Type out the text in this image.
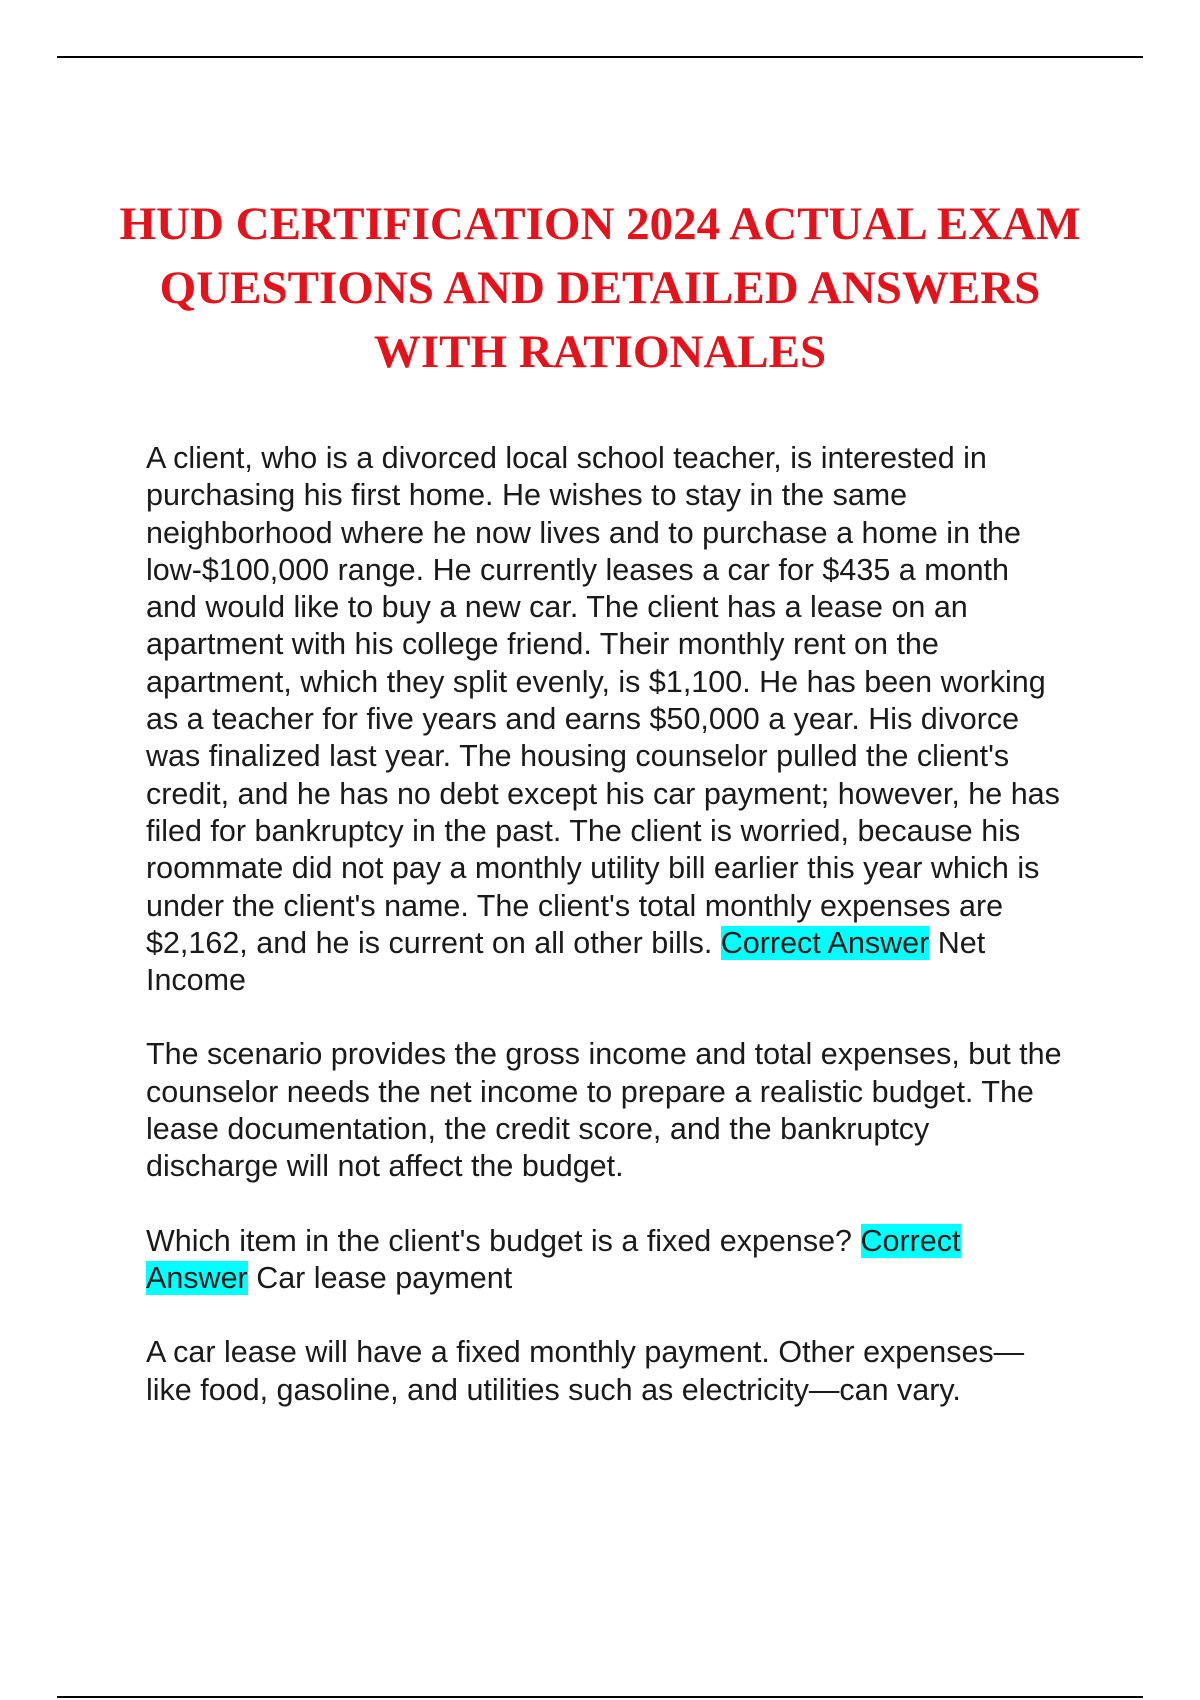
HUD CERTIFICATION 2024 ACTUAL EXAM QUESTIONS AND DETAILED ANSWERS WITH RATIONALES

A client, who is a divorced local school teacher, is interested in purchasing his first home. He wishes to stay in the same neighborhood where he now lives and to purchase a home in the low-$100,000 range. He currently leases a car for $435 a month and would like to buy a new car. The client has a lease on an apartment with his college friend. Their monthly rent on the apartment, which they split evenly, is $1,100. He has been working as a teacher for five years and earns $50,000 a year. His divorce was finalized last year. The housing counselor pulled the client's credit, and he has no debt except his car payment; however, he has filed for bankruptcy in the past. The client is worried, because his roommate did not pay a monthly utility bill earlier this year which is under the client's name. The client's total monthly expenses are $2,162, and he is current on all other bills. Correct Answer Net Income

The scenario provides the gross income and total expenses, but the counselor needs the net income to prepare a realistic budget. The lease documentation, the credit score, and the bankruptcy discharge will not affect the budget.

Which item in the client's budget is a fixed expense? Correct Answer Car lease payment

A car lease will have a fixed monthly payment. Other expenses—like food, gasoline, and utilities such as electricity—can vary.
